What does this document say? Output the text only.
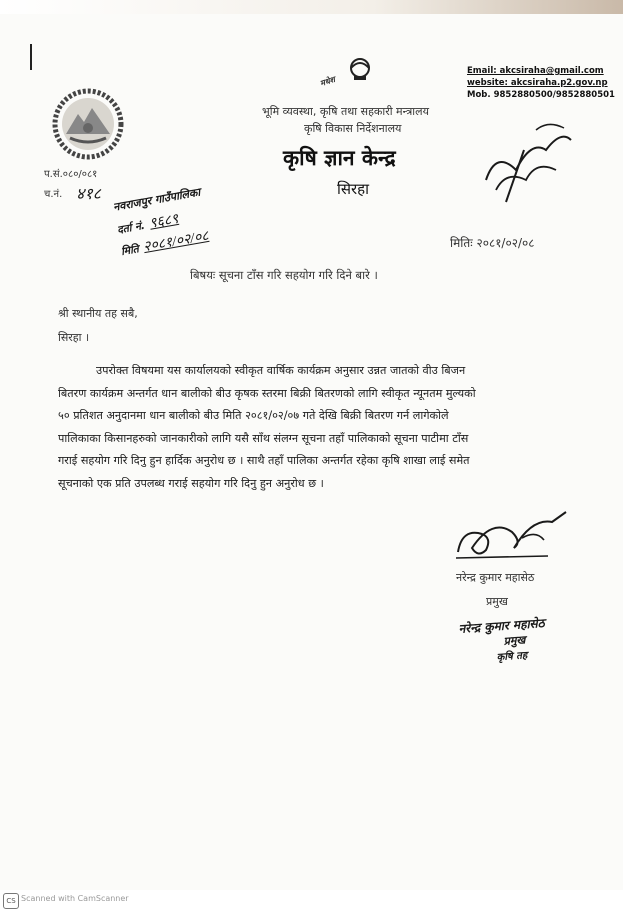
मधेश
भूमि व्यवस्था, कृषि तथा सहकारी मन्त्रालय
कृषि विकास निर्देशनालय
कृषि ज्ञान केन्द्र
सिरहा
Email: akcsiraha@gmail.com
website: akcsiraha.p2.gov.np
Mob. 9852880500/9852880501
प.सं.०८०/०८१
च.नं. ४१८ नवराजपुर गाउँपालिका
दर्ता नं. ९६८९
मिति २०८१/०२/०८	मितिः २०८१/०२/०८
बिषयः सूचना टाँस गरि सहयोग गरि दिने बारे ।
श्री स्थानीय तह सबै,
सिरहा ।
उपरोक्त विषयमा यस कार्यालयको स्वीकृत वार्षिक कार्यक्रम अनुसार उन्नत जातको वीउ बिजन
बितरण कार्यक्रम अन्तर्गत धान बालीको बीउ कृषक स्तरमा बिक्री बितरणको लागि स्वीकृत न्यूनतम मुल्यको
५० प्रतिशत अनुदानमा धान बालीको बीउ मिति २०८१/०२/०७ गते देखि बिक्री बितरण गर्न लागेकोले
पालिकाका किसानहरुको जानकारीको लागि यसै साँथ संलग्न सूचना तहाँ पालिकाको सूचना पाटीमा टाँस
गराई सहयोग गरि दिनु हुन हार्दिक अनुरोध छ । साथै तहाँ पालिका अन्तर्गत रहेका कृषि शाखा लाई समेत
सूचनाको एक प्रति उपलब्ध गराई सहयोग गरि दिनु हुन अनुरोध छ ।
नरेन्द्र कुमार महासेठ
प्रमुख
नरेन्द्र कुमार महासेठ
प्रमुख
कृषि तह
CS Scanned with CamScanner
